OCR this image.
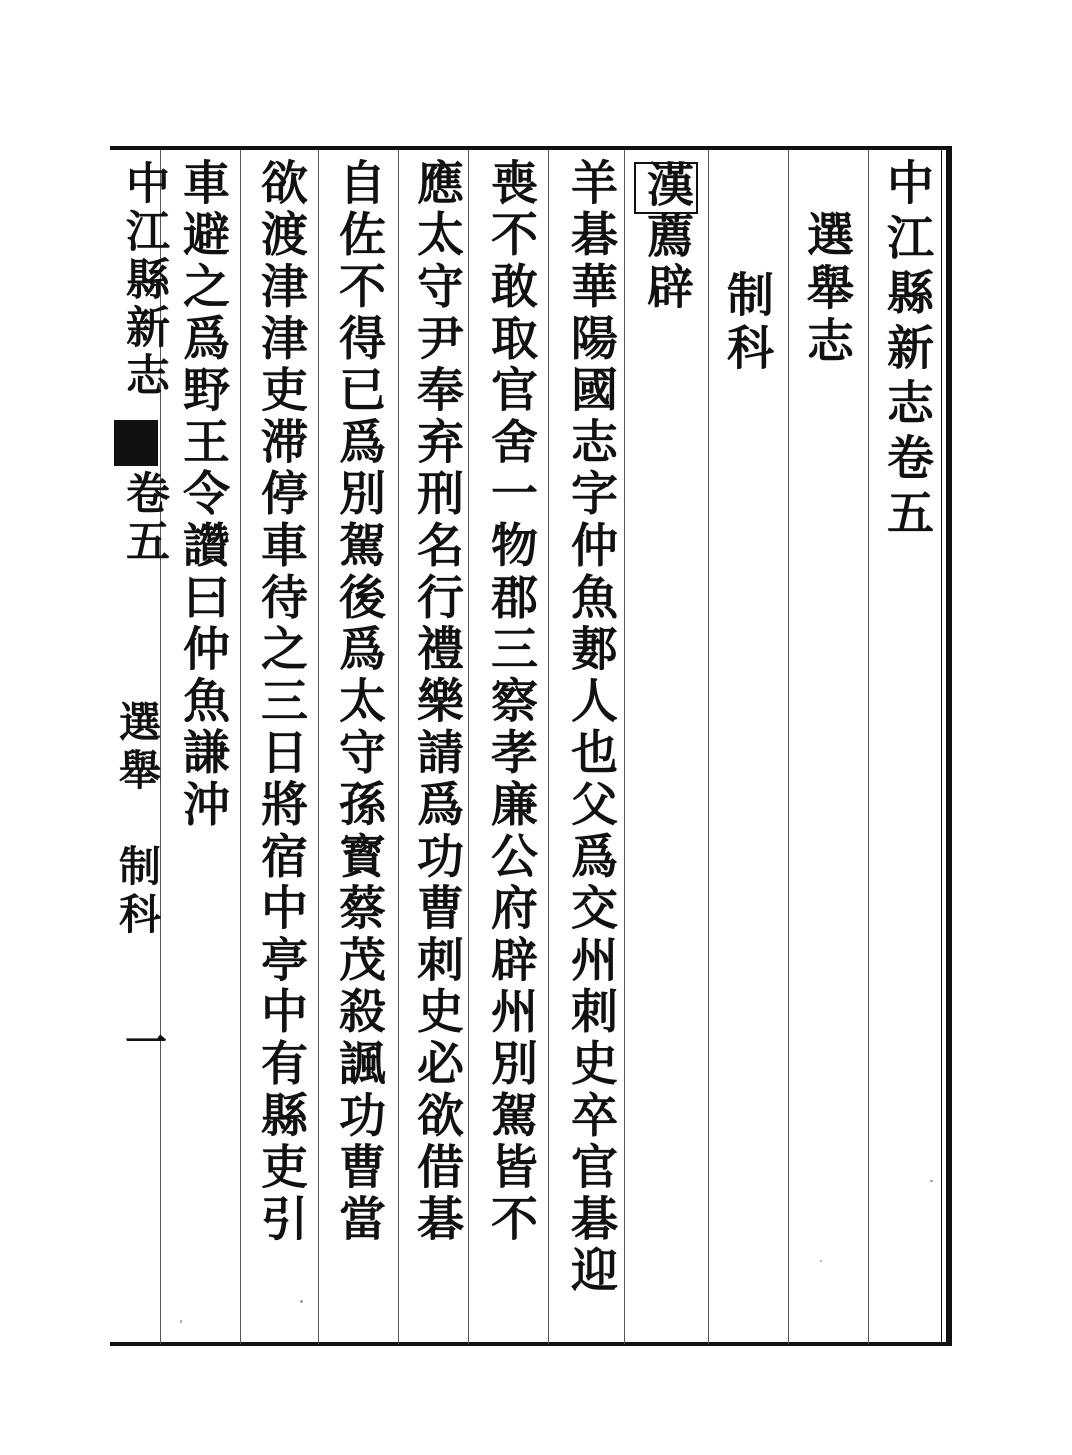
中江縣新志卷五
選舉志
制科
漢薦辟
羊碁華陽國志字仲魚郪人也父爲交州刺史卒官碁迎
喪不敢取官舍一物郡三察孝廉公府辟州別駕皆不
應太守尹奉弃刑名行禮樂請爲功曹刺史必欲借碁
自佐不得已爲別駕後爲太守孫寳蔡茂殺諷功曹當
欲渡津津吏滞停車待之三日將宿中亭中有縣吏引
車避之爲野王令讚曰仲魚謙沖
中江縣新志
卷五
選舉　制科
一
